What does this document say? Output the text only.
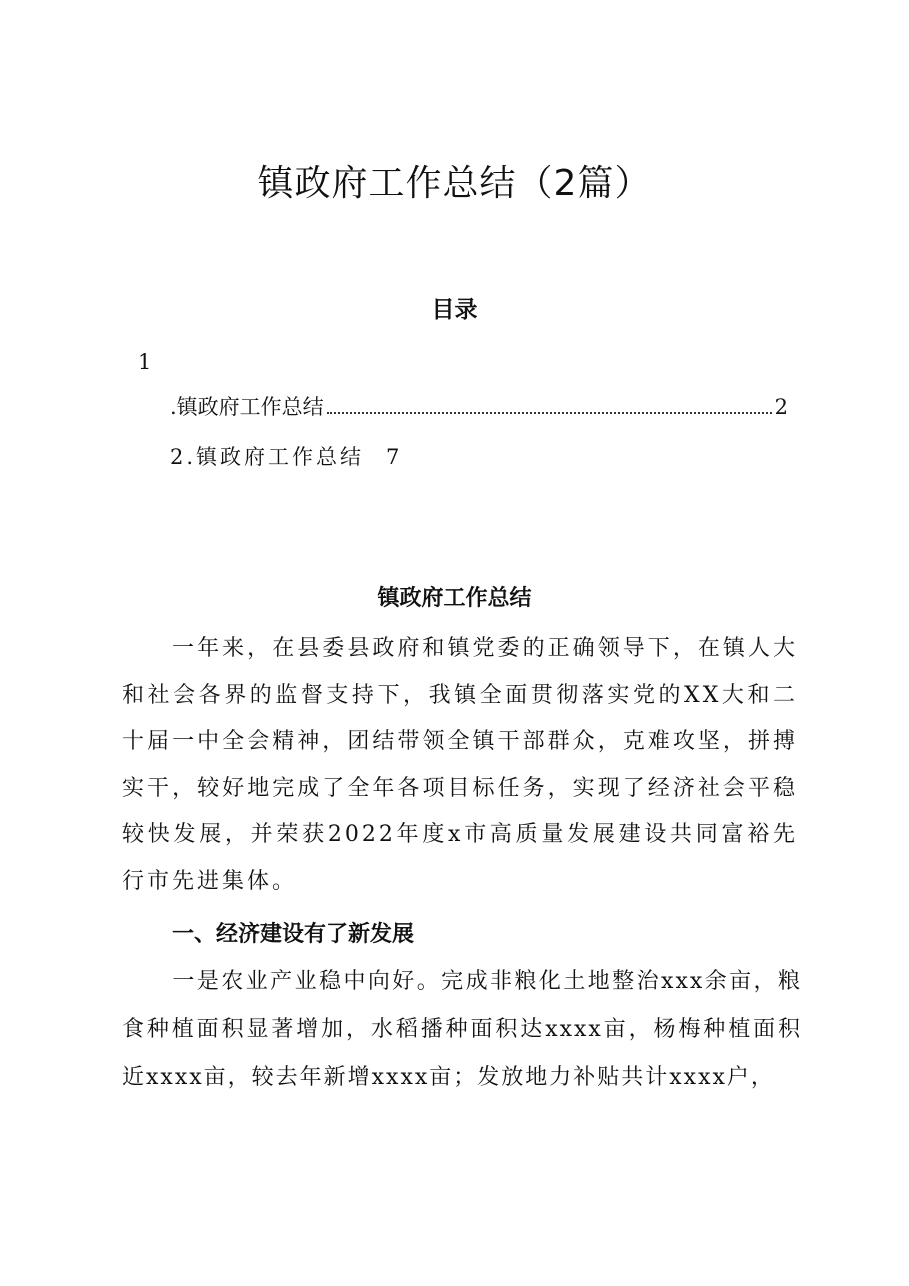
镇政府工作总结（2篇）
目录
1
.镇政府工作总结	2
2.镇政府工作总结 7
镇政府工作总结

一年来，在县委县政府和镇党委的正确领导下，在镇人大和社会各界的监督支持下，我镇全面贯彻落实党的XX大和二十届一中全会精神，团结带领全镇干部群众，克难攻坚，拼搏实干，较好地完成了全年各项目标任务，实现了经济社会平稳较快发展，并荣获2022年度x市高质量发展建设共同富裕先行市先进集体。

一、经济建设有了新发展

一是农业产业稳中向好。完成非粮化土地整治xxx余亩，粮食种植面积显著增加，水稻播种面积达xxxx亩，杨梅种植面积近xxxx亩，较去年新增xxxx亩；发放地力补贴共计xxxx户，
